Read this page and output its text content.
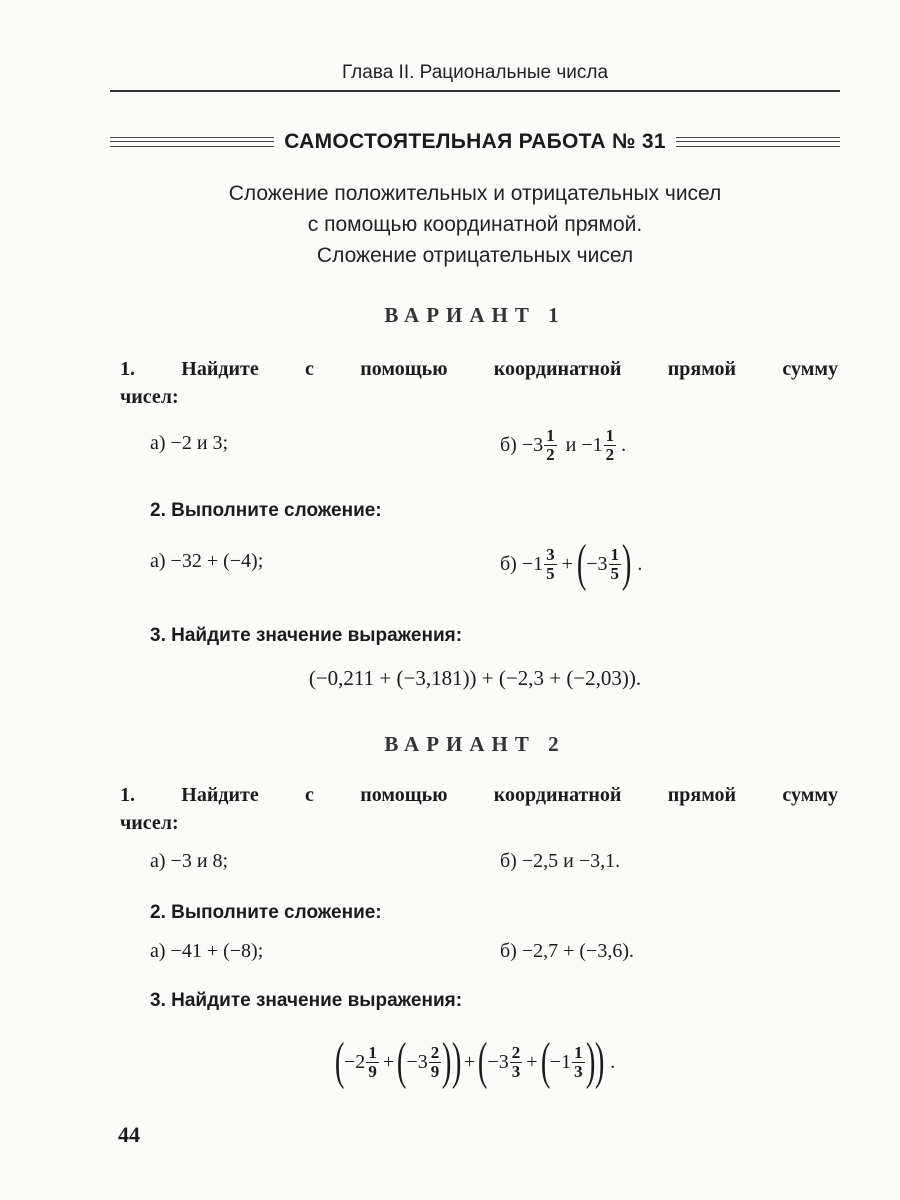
Глава II. Рациональные числа
САМОСТОЯТЕЛЬНАЯ РАБОТА № 31
Сложение положительных и отрицательных чисел
с помощью координатной прямой.
Сложение отрицательных чисел
ВАРИАНТ 1
1. Найдите с помощью координатной прямой сумму
чисел:
а) −2 и 3;	$б) -3 \frac{1}{2}$ $и -1 \frac{1}{2}$ .
2. Выполните сложение:
а) −32 + (−4);	$б) -1 \frac{3}{5}$ + ( $-3 \frac{1}{5}$ ) .
3. Найдите значение выражения:
(−0,211 + (−3,181)) + (−2,3 + (−2,03)).
ВАРИАНТ 2
1. Найдите с помощью координатной прямой сумму
чисел:
а) −3 и 8;	б) −2,5 и −3,1.
2. Выполните сложение:
а) −41 + (−8);	б) −2,7 + (−3,6).
3. Найдите значение выражения:
( $-2 \frac{1}{9}$ + ( $-3 \frac{2}{9}$ ) ) + ( $-3 \frac{2}{3}$ + ( $-1 \frac{1}{3}$ ) ) .
44
